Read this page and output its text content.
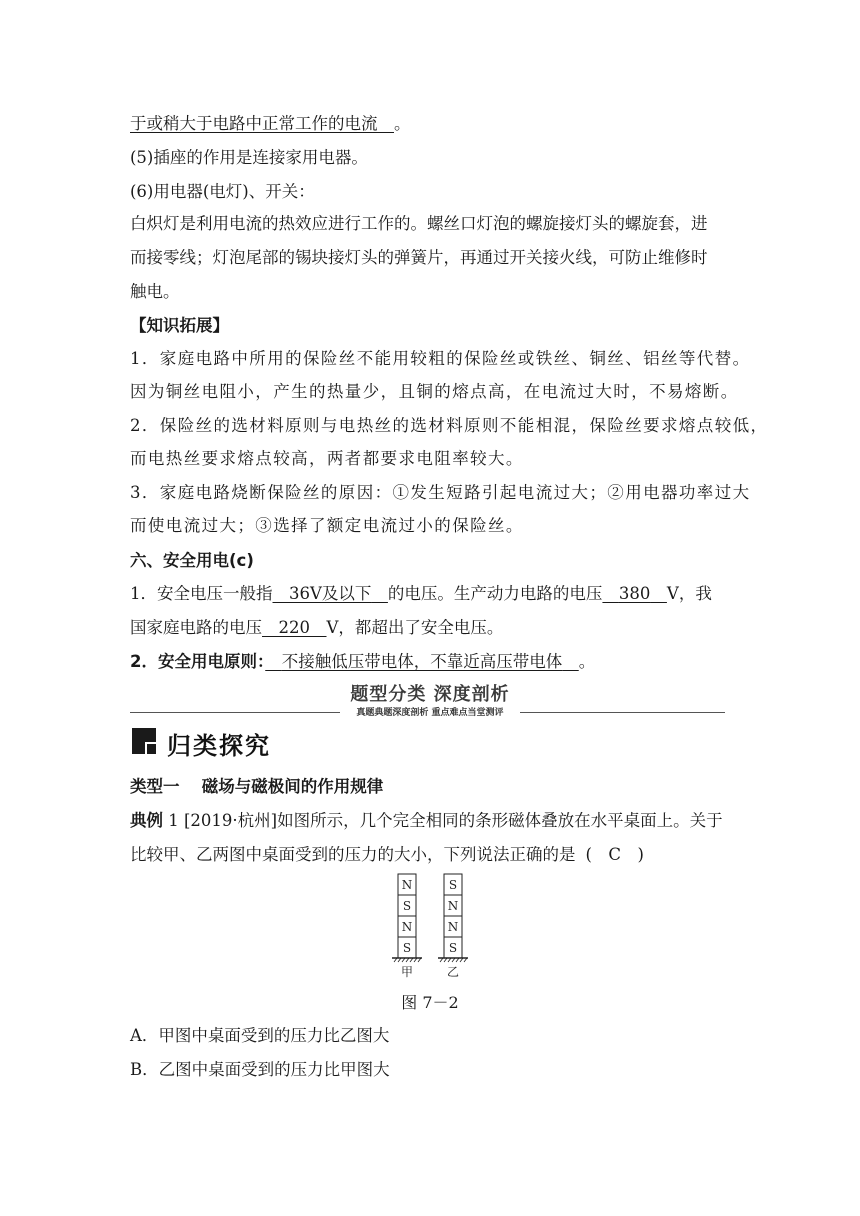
于或稍大于电路中正常工作的电流　 。
(5)插座的作用是连接家用电器。
(6)用电器(电灯)、开关：
白炽灯是利用电流的热效应进行工作的。螺丝口灯泡的螺旋接灯头的螺旋套，进
而接零线；灯泡尾部的锡块接灯头的弹簧片，再通过开关接火线，可防止维修时
触电。
【知识拓展】
1．家庭电路中所用的保险丝不能用较粗的保险丝或铁丝、铜丝、铝丝等代替。
因为铜丝电阻小，产生的热量少，且铜的熔点高，在电流过大时，不易熔断。
2．保险丝的选材料原则与电热丝的选材料原则不能相混，保险丝要求熔点较低，
而电热丝要求熔点较高，两者都要求电阻率较大。
3．家庭电路烧断保险丝的原因：①发生短路引起电流过大；②用电器功率过大
而使电流过大；③选择了额定电流过小的保险丝。
六、安全用电(c)
1．安全电压一般指　 36V及以下　 的电压。生产动力电路的电压　 380　 V，我
国家庭电路的电压　 220　 V，都超出了安全电压。
2．安全用电原则：　 不接触低压带电体，不靠近高压带电体　 。
题型分类 深度剖析
真题典题深度剖析 重点难点当堂测评
归类探究
类型一　 磁场与磁极间的作用规律
典例 1 [2019·杭州]如图所示，几个完全相同的条形磁体叠放在水平桌面上。关于
比较甲、乙两图中桌面受到的压力的大小，下列说法正确的是 (　C　)
N
S
N
S
S
N
N
S
甲	乙
图 7－2
A．甲图中桌面受到的压力比乙图大
B．乙图中桌面受到的压力比甲图大
